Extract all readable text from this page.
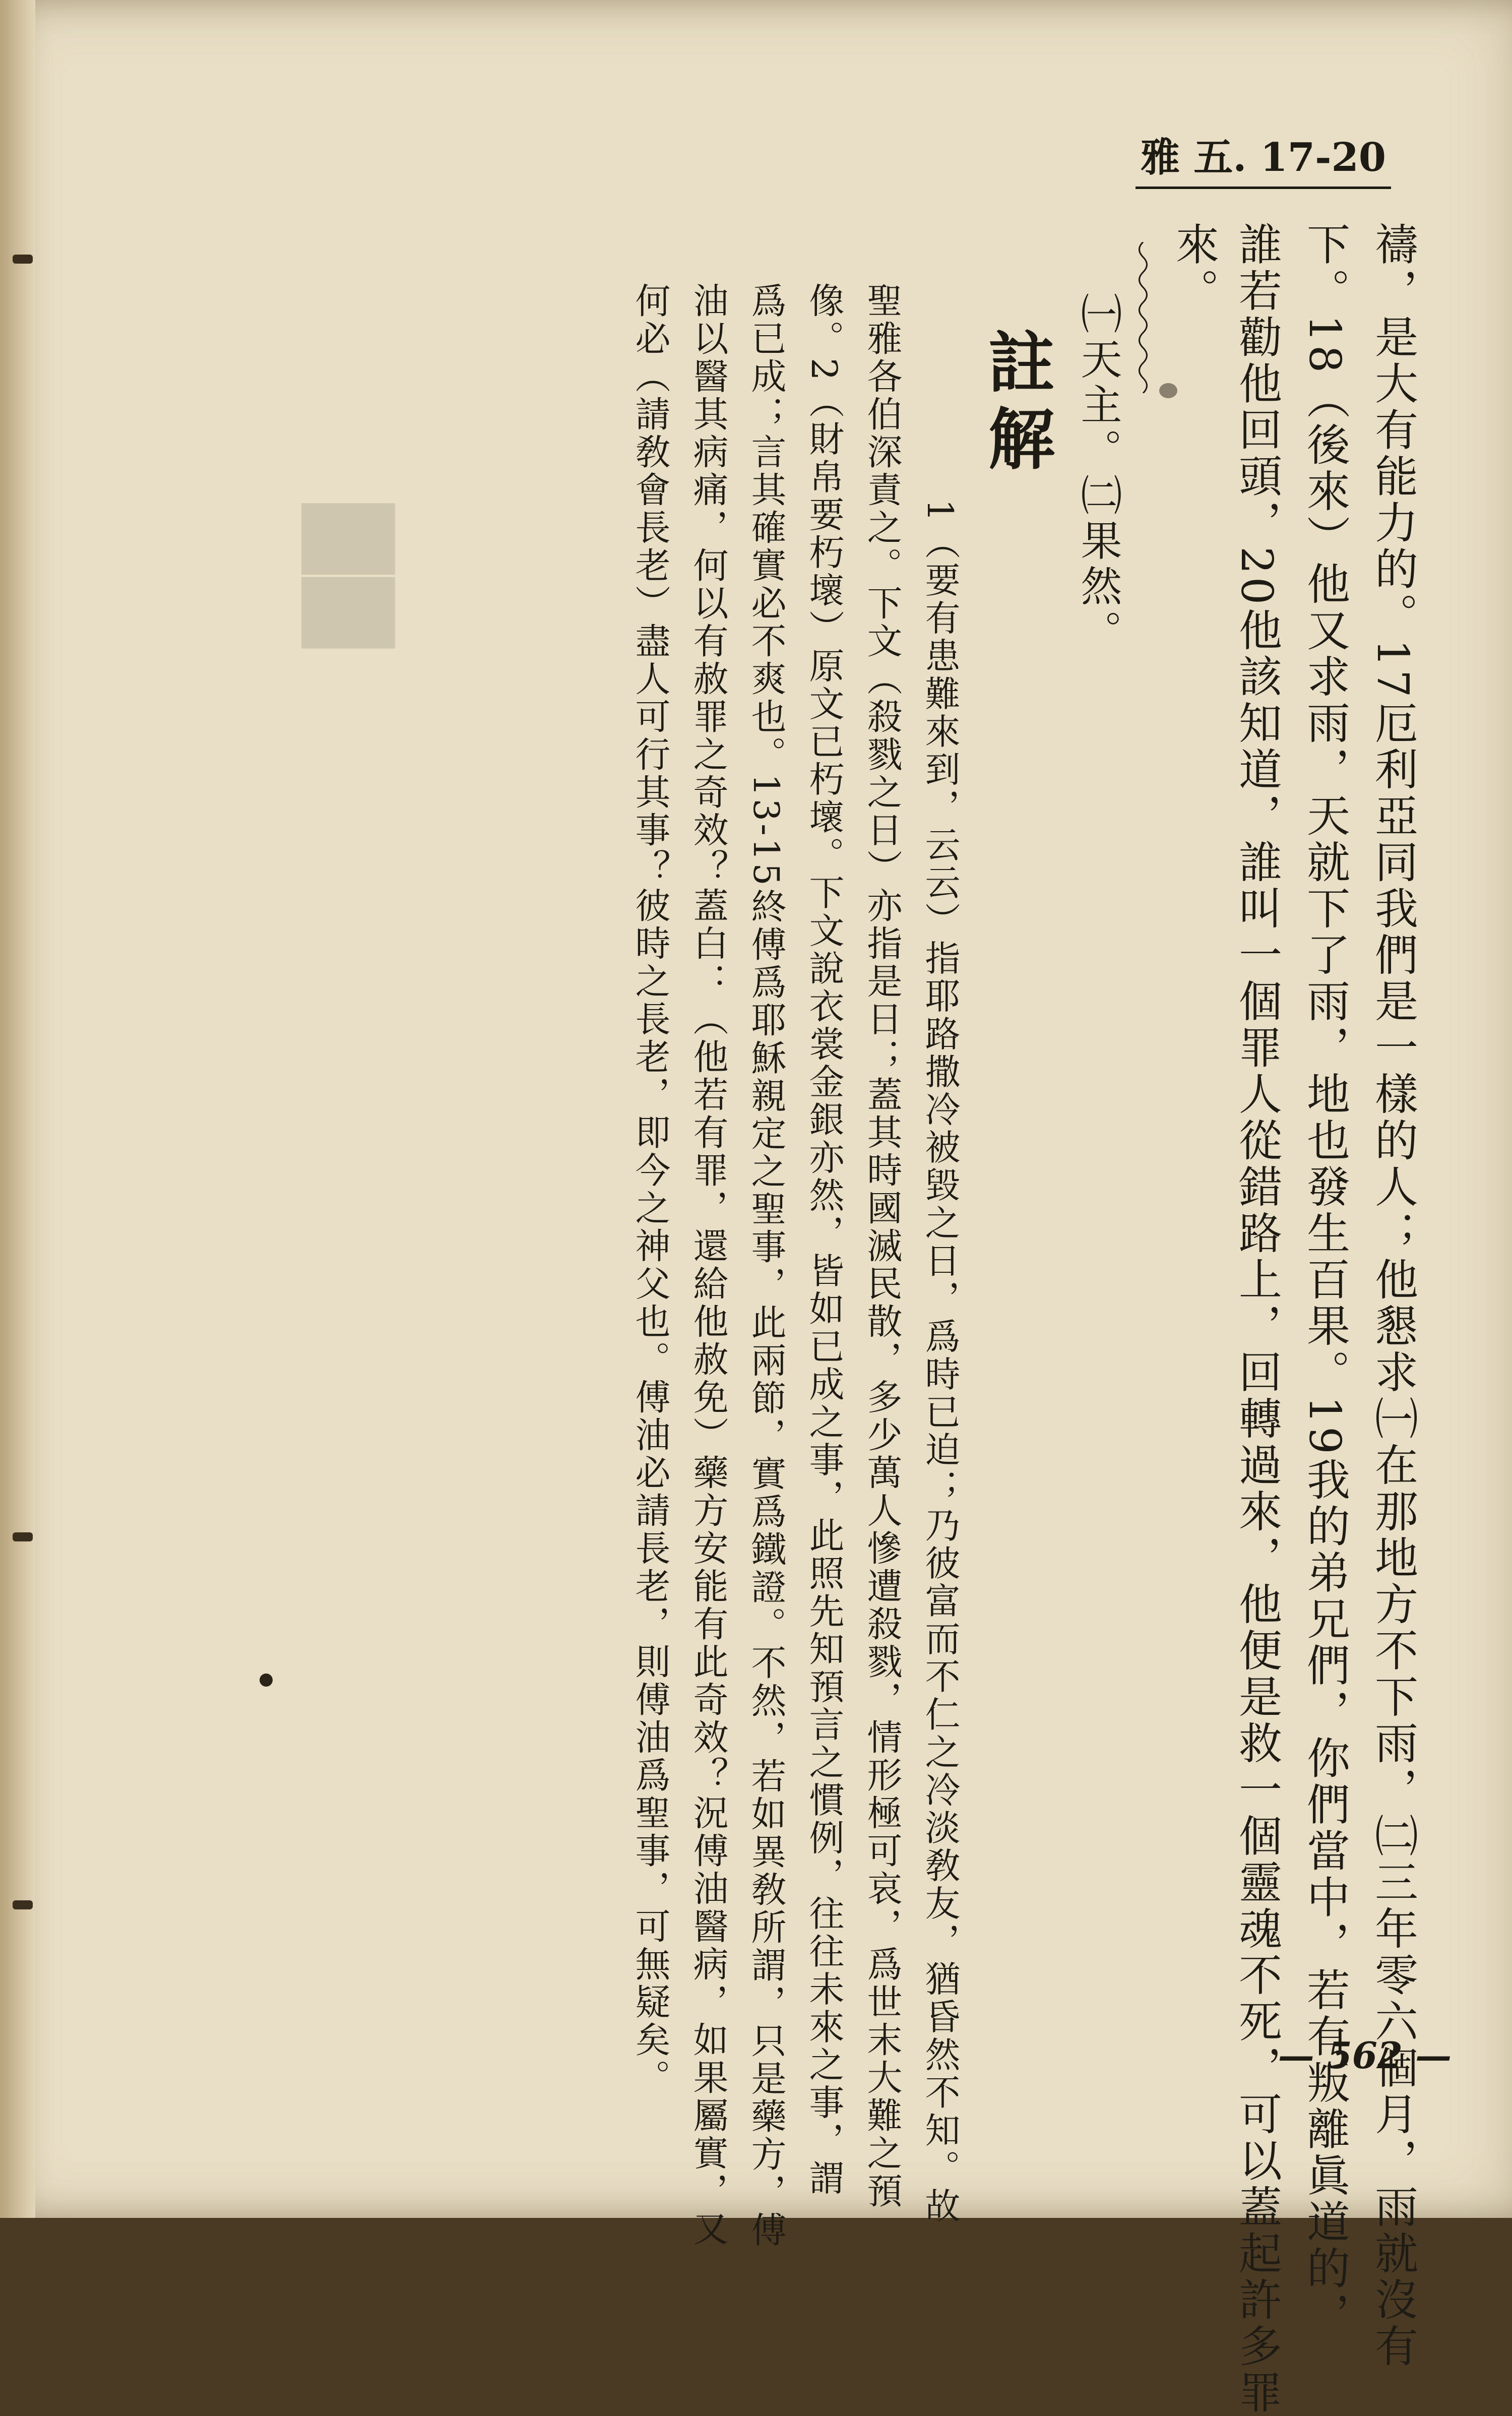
▇▇
雅 五. 17-20
禱，是大有能力的。17厄利亞同我們是一樣的人；他懇求㈠在那地方不下雨，㈡三年零六個月，雨就沒有
下。18（後來）他又求雨，天就下了雨，地也發生百果。19我的弟兄們，你們當中，若有叛離眞道的，
誰若勸他回頭，20他該知道，誰叫一個罪人從錯路上，回轉過來，他便是救一個靈魂不死，可以蓋起許多罪
來。
㈠天主。㈡果然。
註解
1（要有患難來到，云云）指耶路撒冷被毀之日，爲時已迫；乃彼富而不仁之冷淡敎友，猶昏然不知。故
聖雅各伯深責之。下文（殺戮之日）亦指是日；蓋其時國滅民散，多少萬人慘遭殺戮，情形極可哀，爲世末大難之預
像。2（財帛要朽壞）原文已朽壞。下文說衣裳金銀亦然，皆如已成之事，此照先知預言之慣例，往往未來之事，謂
爲已成；言其確實必不爽也。13-15終傅爲耶穌親定之聖事，此兩節，實爲鐵證。不然，若如異敎所謂，只是藥方，傅
油以醫其病痛，何以有赦罪之奇效？蓋白：（他若有罪，還給他赦免）藥方安能有此奇效？況傅油醫病，如果屬實，又
何必（請敎會長老）盡人可行其事？彼時之長老，即今之神父也。傅油必請長老，則傅油爲聖事，可無疑矣。	— 562 —
